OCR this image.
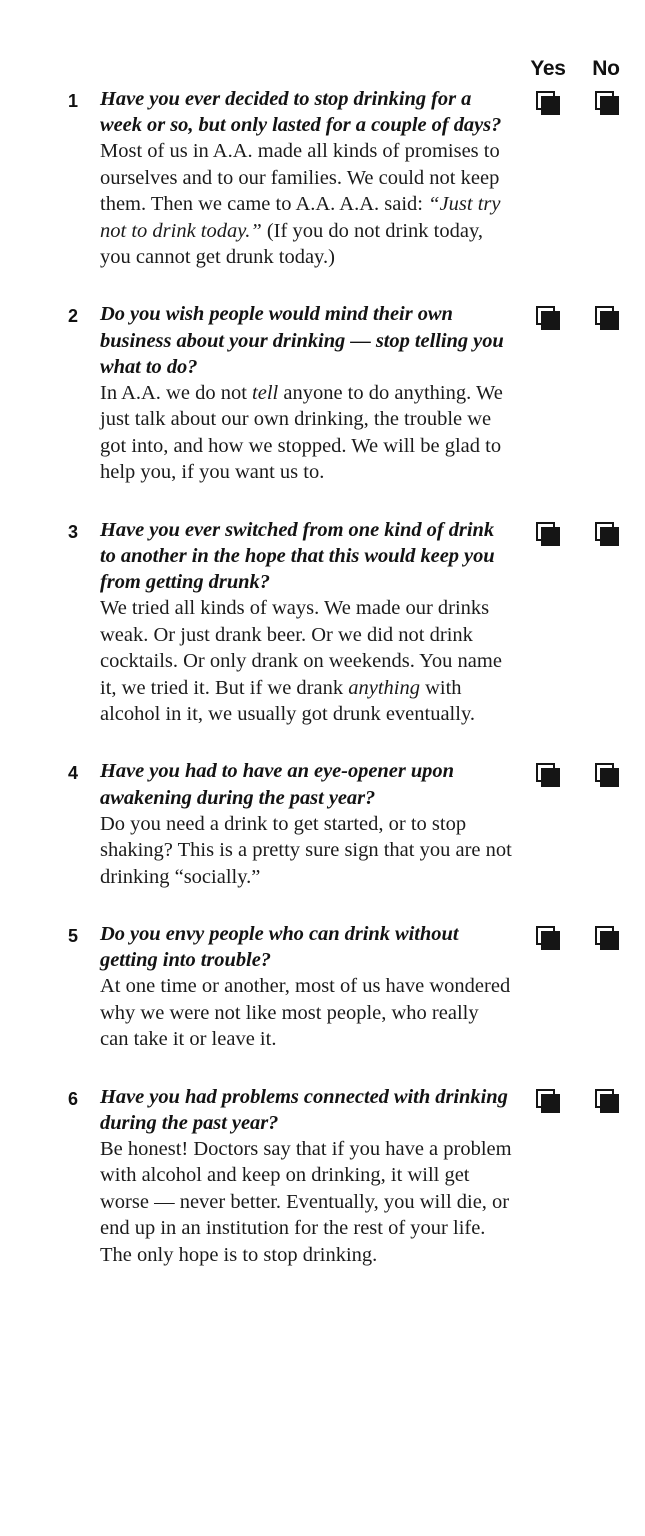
Yes	No
1 Have you ever decided to stop drinking for a week or so, but only lasted for a couple of days?

Most of us in A.A. made all kinds of promises to ourselves and to our families. We could not keep them. Then we came to A.A. A.A. said: “Just try not to drink today.” (If you do not drink today, you cannot get drunk today.)

2 Do you wish people would mind their own business about your drinking — stop telling you what to do?

In A.A. we do not tell anyone to do anything. We just talk about our own drinking, the trouble we got into, and how we stopped. We will be glad to help you, if you want us to.

3 Have you ever switched from one kind of drink to another in the hope that this would keep you from getting drunk?

We tried all kinds of ways. We made our drinks weak. Or just drank beer. Or we did not drink cocktails. Or only drank on weekends. You name it, we tried it. But if we drank anything with alcohol in it, we usually got drunk eventually.

4 Have you had to have an eye-opener upon awakening during the past year?

Do you need a drink to get started, or to stop shaking? This is a pretty sure sign that you are not drinking “socially.”

5 Do you envy people who can drink without getting into trouble?

At one time or another, most of us have wondered why we were not like most people, who really can take it or leave it.

6 Have you had problems connected with drinking during the past year?

Be honest! Doctors say that if you have a problem with alcohol and keep on drinking, it will get worse — never better. Eventually, you will die, or end up in an institution for the rest of your life. The only hope is to stop drinking.
